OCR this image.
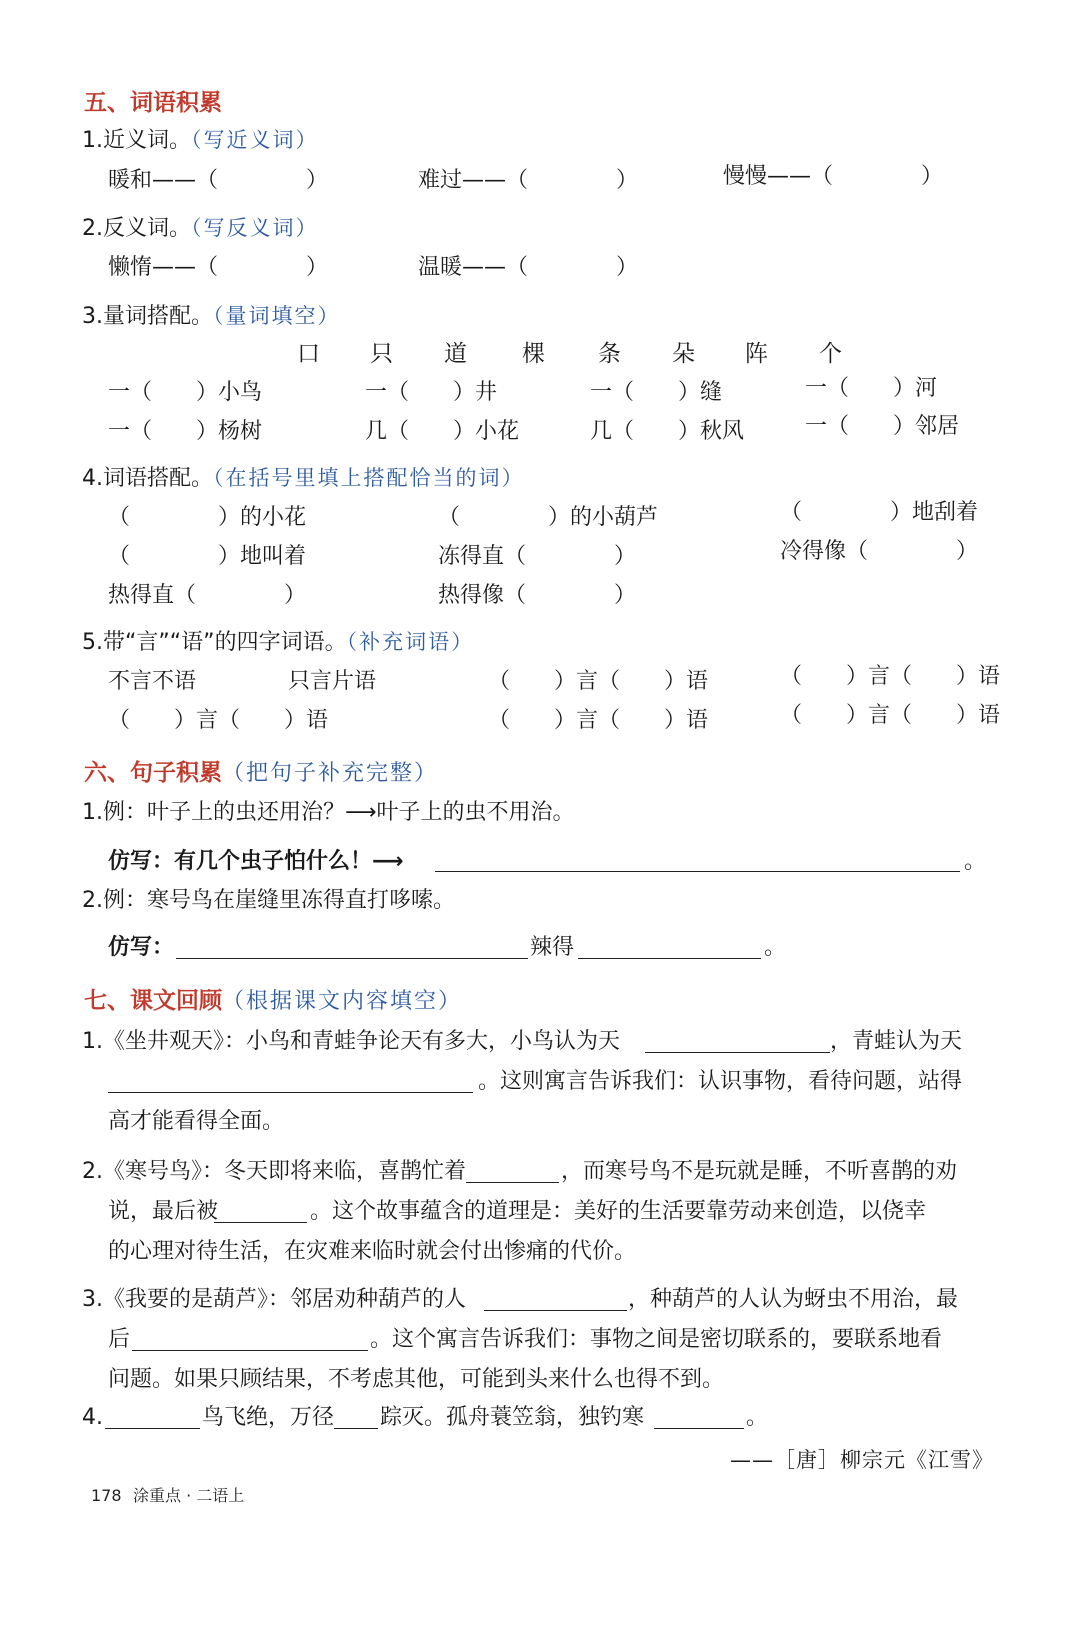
五、词语积累
1.近义词。（写近义词）
暖和——（　　　　）	难过——（　　　　）	慢慢——（　　　　）
2.反义词。（写反义词）
懒惰——（　　　　）	温暖——（　　　　）
3.量词搭配。（量词填空）
口 只 道 棵 条 朵 阵 个
一（　　）小鸟	一（　　）井	一（　　）缝	一（　　）河
一（　　）杨树	几（　　）小花	几（　　）秋风	一（　　）邻居
4.词语搭配。（在括号里填上搭配恰当的词）
（　　　　）的小花	（　　　　）的小葫芦	（　　　　）地刮着
（　　　　）地叫着	冻得直（　　　　）	冷得像（　　　　）
热得直（　　　　）	热得像（　　　　）
5.带“言”“语”的四字词语。（补充词语）
不言不语	只言片语	（　　）言（　　）语	（　　）言（　　）语
（　　）言（　　）语	（　　）言（　　）语	（　　）言（　　）语
六、句子积累（把句子补充完整）
1.例：叶子上的虫还用治？⟶叶子上的虫不用治。
仿写：有几个虫子怕什么！⟶	。
2.例：寒号鸟在崖缝里冻得直打哆嗦。
仿写：	辣得	。
七、课文回顾（根据课文内容填空）
1.《坐井观天》：小鸟和青蛙争论天有多大，小鸟认为天	，青蛙认为天
。这则寓言告诉我们：认识事物，看待问题，站得
高才能看得全面。
2.《寒号鸟》：冬天即将来临，喜鹊忙着	，而寒号鸟不是玩就是睡，不听喜鹊的劝
说，最后被	。这个故事蕴含的道理是：美好的生活要靠劳动来创造，以侥幸
的心理对待生活，在灾难来临时就会付出惨痛的代价。
3.《我要的是葫芦》：邻居劝种葫芦的人	，种葫芦的人认为蚜虫不用治，最
后	。这个寓言告诉我们：事物之间是密切联系的，要联系地看
问题。如果只顾结果，不考虑其他，可能到头来什么也得不到。
4.	鸟飞绝，万径 踪灭。孤舟蓑笠翁，独钓寒	。
——［唐］柳宗元《江雪》
178 涂重点 · 二语上
